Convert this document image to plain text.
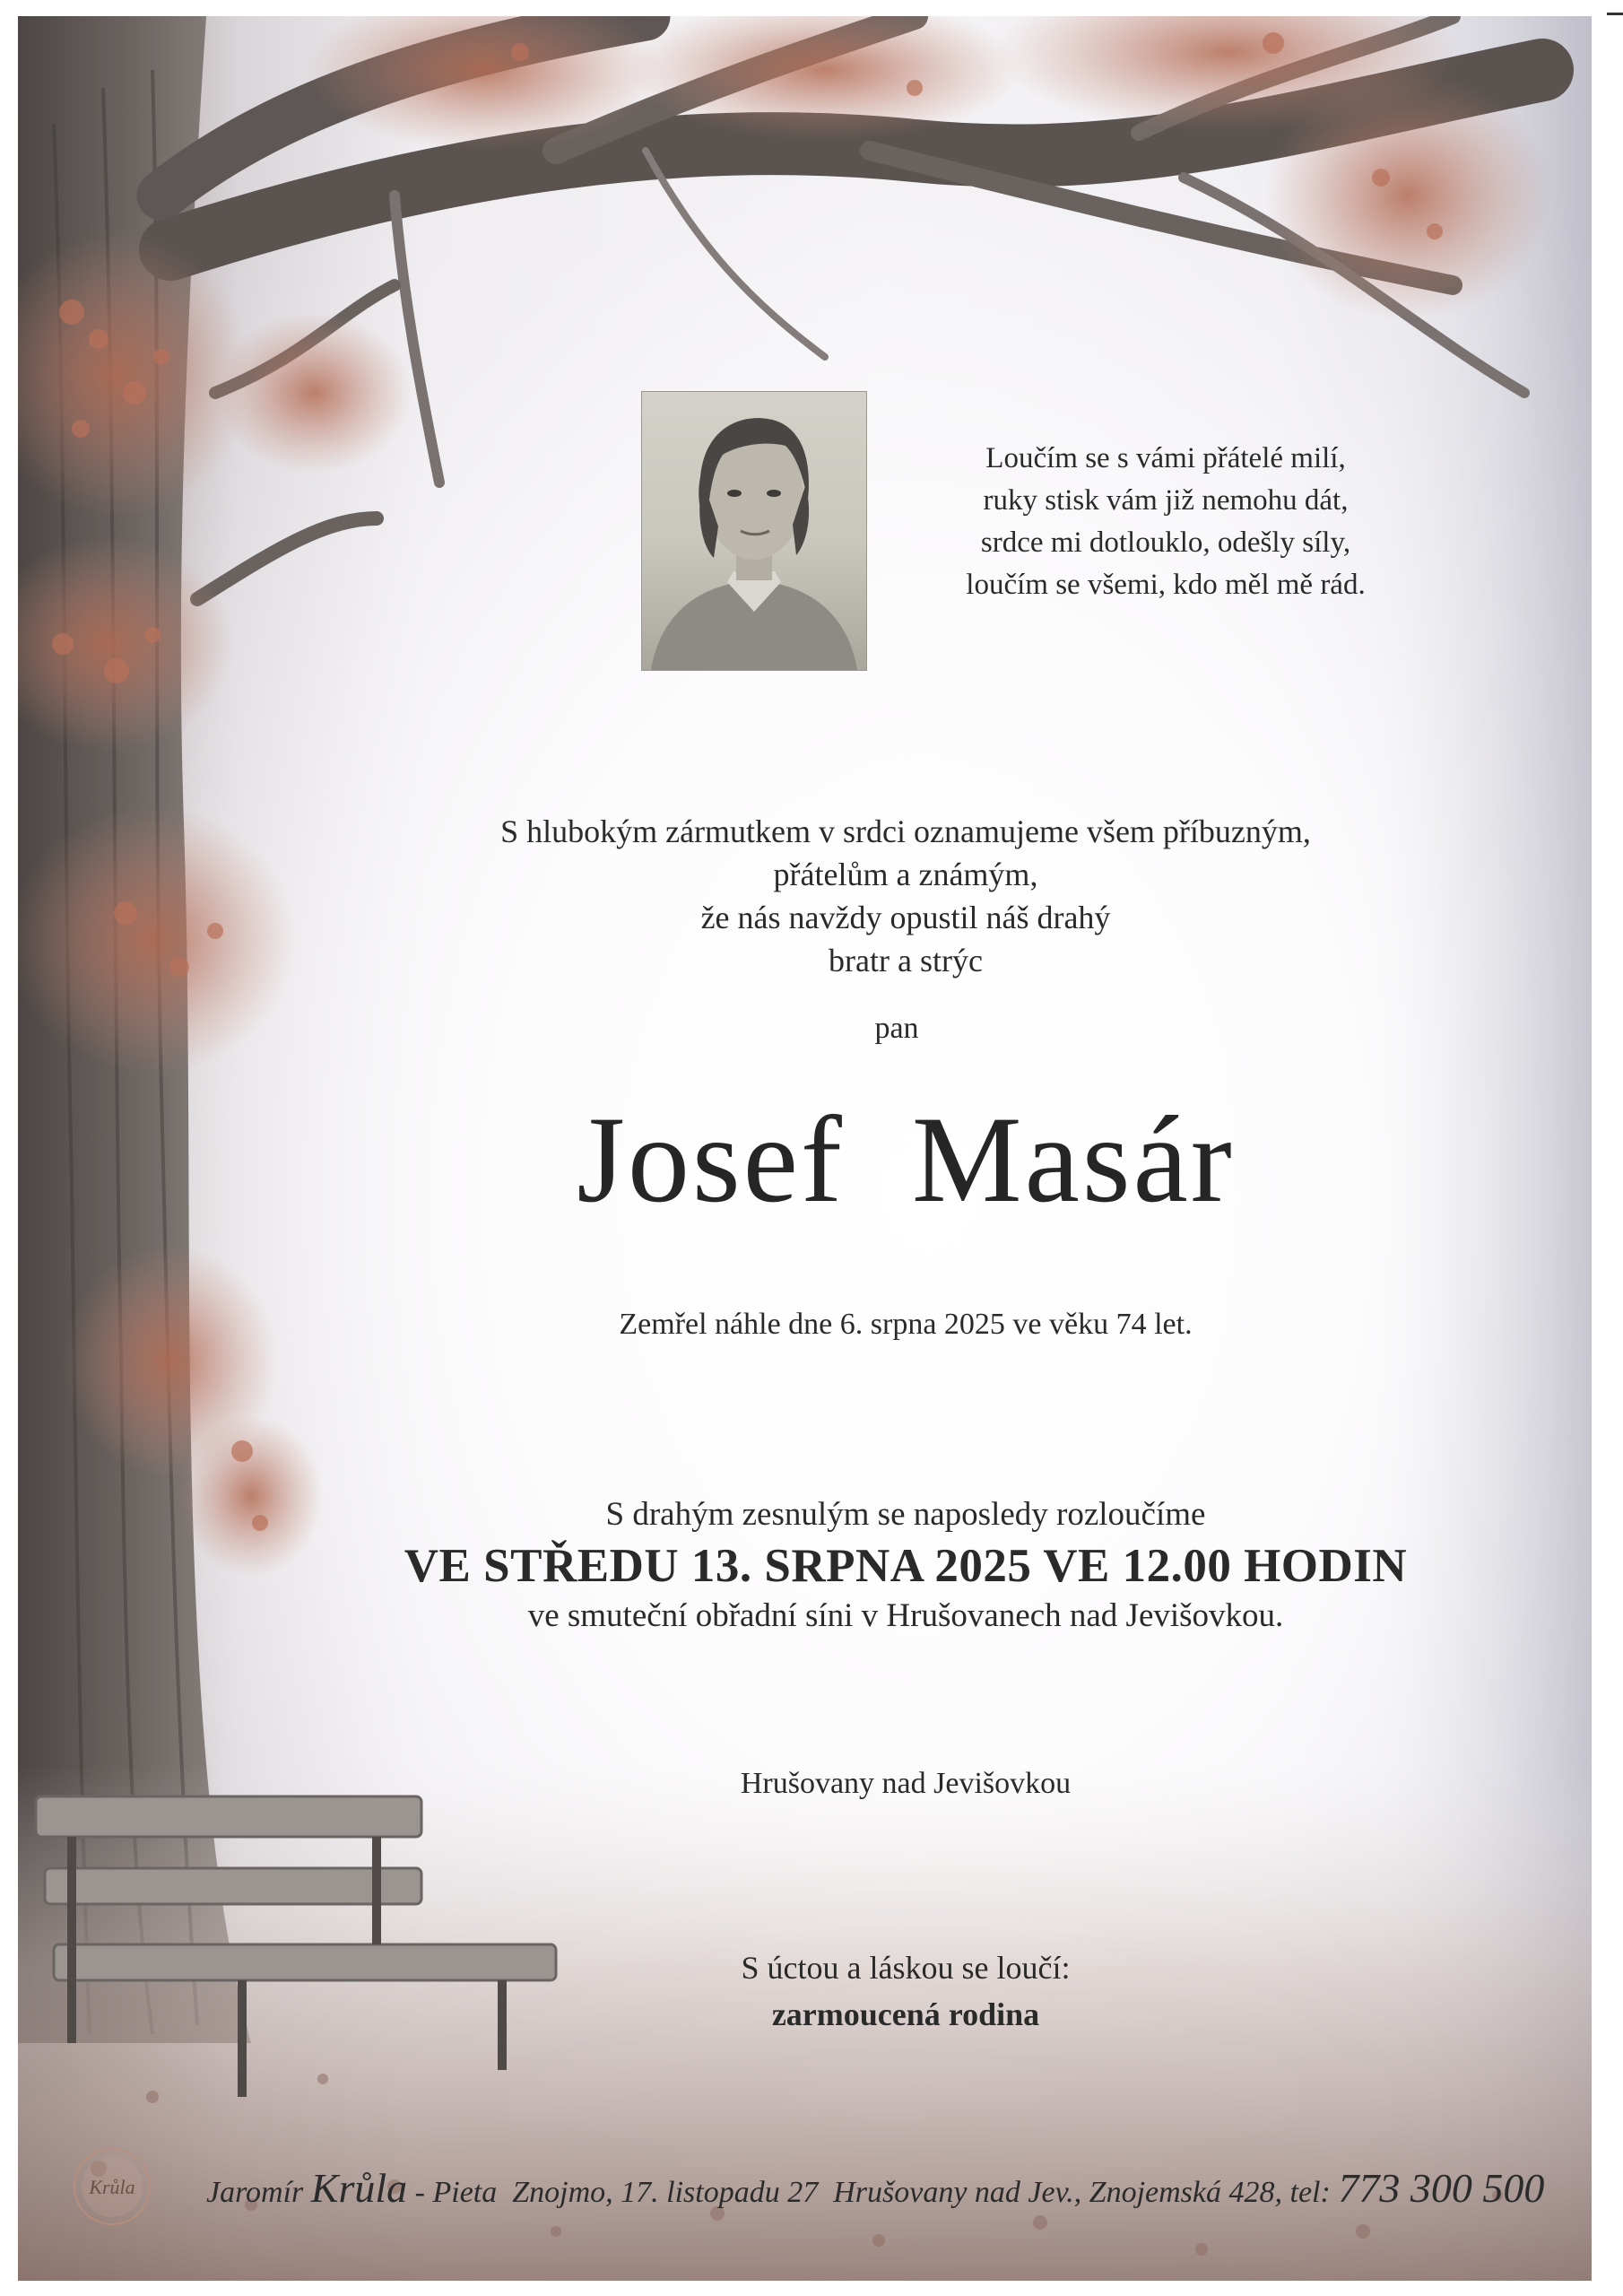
Loučím se s vámi přátelé milí,
ruky stisk vám již nemohu dát,
srdce mi dotlouklo, odešly síly,
loučím se všemi, kdo měl mě rád.
S hlubokým zármutkem v srdci oznamujeme všem příbuzným,
přátelům a známým,
že nás navždy opustil náš drahý
bratr a strýc
pan
Josef  Masár
Zemřel náhle dne 6. srpna 2025 ve věku 74 let.
S drahým zesnulým se naposledy rozloučíme
VE STŘEDU 13. SRPNA 2025 VE 12.00 HODIN
ve smuteční obřadní síni v Hrušovanech nad Jevišovkou.
Hrušovany nad Jevišovkou
S úctou a láskou se loučí:
zarmoucená rodina
Krůla Jaromír Krůla - Pieta  Znojmo, 17. listopadu 27  Hrušovany nad Jev., Znojemská 428, tel: 773 300 500
